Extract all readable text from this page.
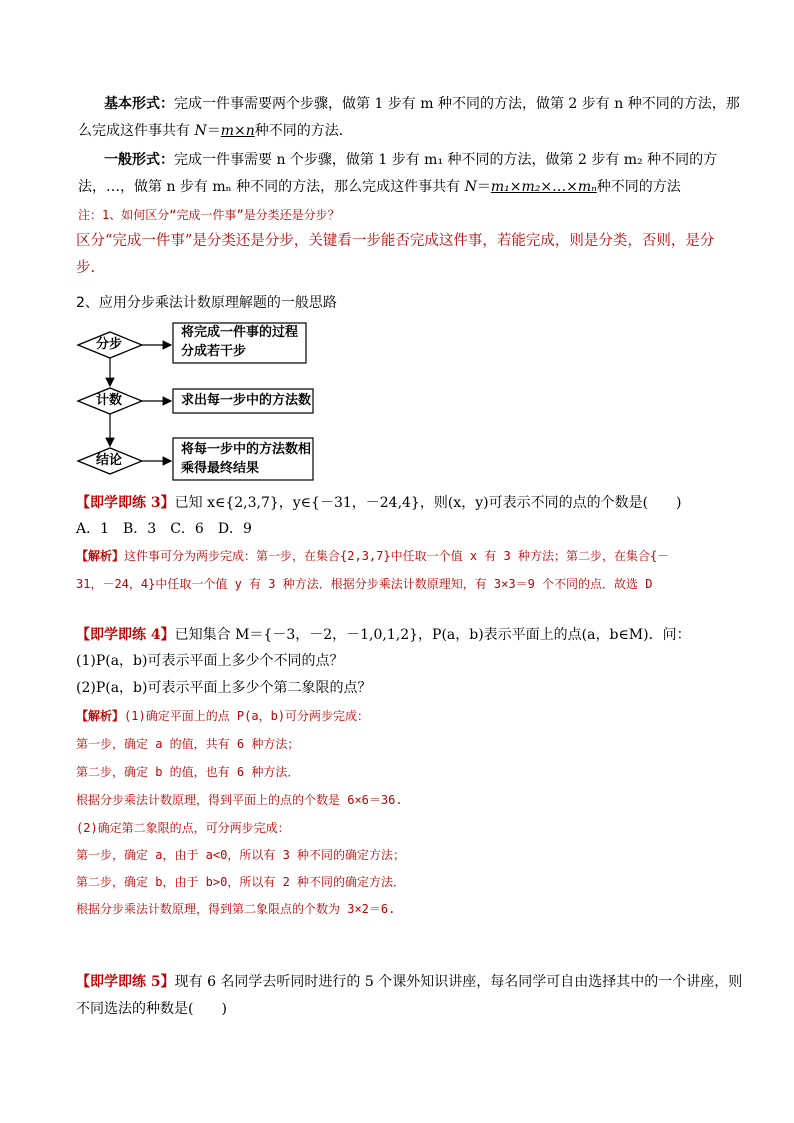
基本形式：完成一件事需要两个步骤，做第 1 步有 m 种不同的方法，做第 2 步有 n 种不同的方法，那
么完成这件事共有 N＝m×n种不同的方法．
一般形式：完成一件事需要 n 个步骤，做第 1 步有 m₁ 种不同的方法，做第 2 步有 m₂ 种不同的方
法，…，做第 n 步有 mₙ 种不同的方法，那么完成这件事共有 N＝m₁×m₂×…×mₙ种不同的方法
注：1、如何区分“完成一件事”是分类还是分步？
区分“完成一件事”是分类还是分步，关键看一步能否完成这件事，若能完成，则是分类，否则，是分
步.
2、应用分步乘法计数原理解题的一般思路
分步
计数
结论
将完成一件事的过程
分成若干步
求出每一步中的方法数
将每一步中的方法数相
乘得最终结果
【即学即练 3】已知 x∈{2,3,7}，y∈{－31，－24,4}，则(x，y)可表示不同的点的个数是(　　)
A．1　B．3　C．6　D．9
【解析】这件事可分为两步完成：第一步，在集合{2,3,7}中任取一个值 x 有 3 种方法；第二步，在集合{－
31，－24，4}中任取一个值 y 有 3 种方法．根据分步乘法计数原理知，有 3×3＝9 个不同的点．故选 D
【即学即练 4】已知集合 M＝{－3，－2，－1,0,1,2}，P(a，b)表示平面上的点(a，b∈M)．问：
(1)P(a，b)可表示平面上多少个不同的点？
(2)P(a，b)可表示平面上多少个第二象限的点？
【解析】(1)确定平面上的点 P(a，b)可分两步完成：
第一步，确定 a 的值，共有 6 种方法；
第二步，确定 b 的值，也有 6 种方法．
根据分步乘法计数原理，得到平面上的点的个数是 6×6＝36.
(2)确定第二象限的点，可分两步完成：
第一步，确定 a，由于 a<0，所以有 3 种不同的确定方法；
第二步，确定 b，由于 b>0，所以有 2 种不同的确定方法．
根据分步乘法计数原理，得到第二象限点的个数为 3×2＝6.
【即学即练 5】现有 6 名同学去听同时进行的 5 个课外知识讲座，每名同学可自由选择其中的一个讲座，则
不同选法的种数是(　　)
